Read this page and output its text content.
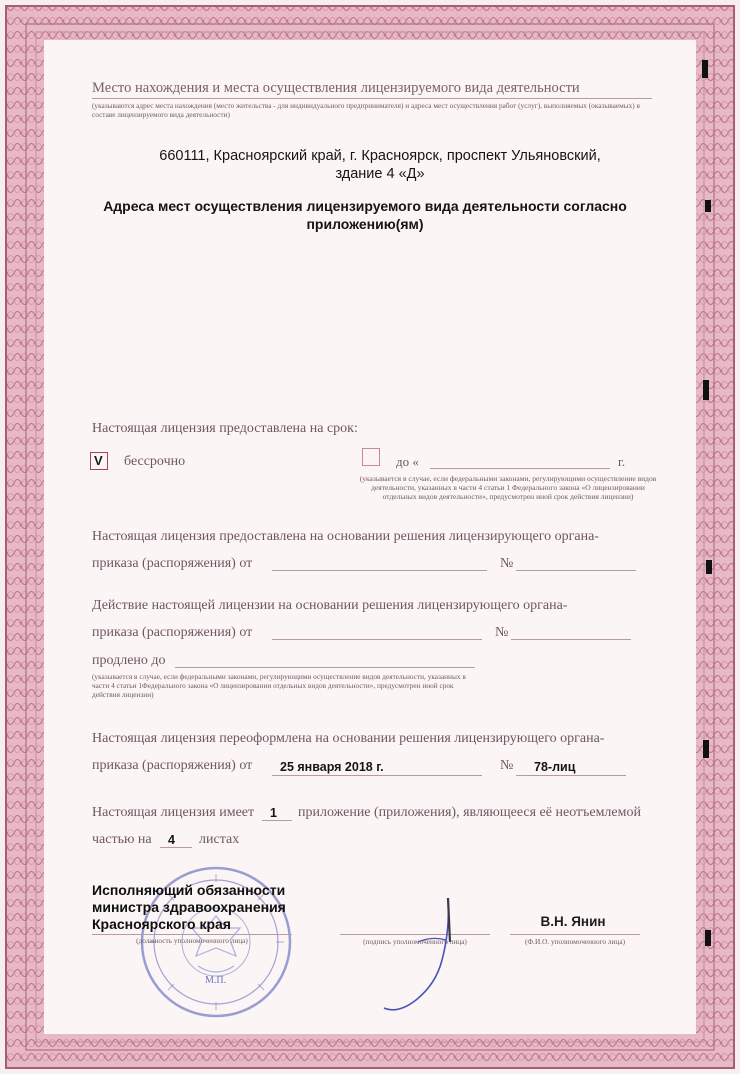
Место нахождения и места осуществления лицензируемого вида деятельности

(указываются адрес места нахождения (место жительства - для индивидуального предпринимателя) и адреса мест осуществления работ (услуг), выполняемых (оказываемых) в составе лицензируемого вида деятельности)

660111, Красноярский край, г. Красноярск, проспект Ульяновский,

здание 4 «Д»

Адреса мест осуществления лицензируемого вида деятельности согласно

приложению(ям)

Настоящая лицензия предоставлена на срок:

V бессрочно	до «	г.

(указывается в случае, если федеральными законами, регулирующими осуществление видов деятельности, указанных в части 4 статьи 1 Федерального закона «О лицензировании отдельных видов деятельности», предусмотрен иной срок действия лицензии)

Настоящая лицензия предоставлена на основании решения лицензирующего органа-

приказа (распоряжения) от	№

Действие настоящей лицензии на основании решения лицензирующего органа-

приказа (распоряжения) от	№

продлено до

(указывается в случае, если федеральными законами, регулирующими осуществление видов деятельности, указанных в части 4 статьи 1Федерального закона «О лицензировании отдельных видов деятельности», предусмотрен иной срок действия лицензии)

Настоящая лицензия переоформлена на основании решения лицензирующего органа-

приказа (распоряжения) от 25 января 2018 г.	№ 78-лиц

Настоящая лицензия имеет 1 приложение (приложения), являющееся её неотъемлемой

частью на 4 листах

М.П.

Исполняющий обязанности

министра здравоохранения

Красноярского края

(должность уполномоченного лица)	(подпись уполномоченного лица)

В.Н. Янин

(Ф.И.О. уполномоченного лица)
